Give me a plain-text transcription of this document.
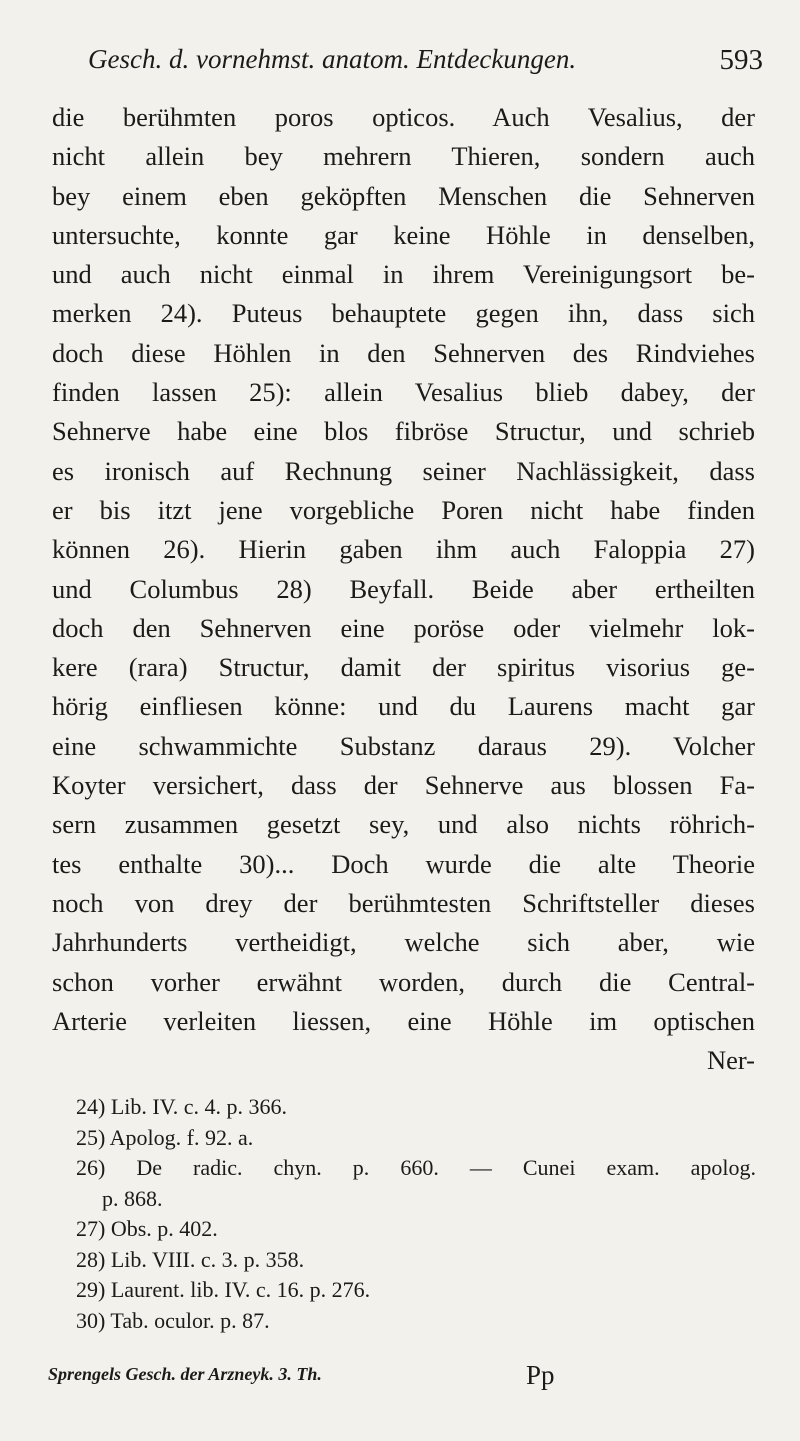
Gesch. d. vornehmst. anatom. Entdeckungen.	593
die berühmten poros opticos. Auch Vesalius, der
nicht allein bey mehrern Thieren, sondern auch
bey einem eben geköpften Menschen die Sehnerven
untersuchte, konnte gar keine Höhle in denselben,
und auch nicht einmal in ihrem Vereinigungsort be-
merken 24). Puteus behauptete gegen ihn, dass sich
doch diese Höhlen in den Sehnerven des Rindviehes
finden lassen 25): allein Vesalius blieb dabey, der
Sehnerve habe eine blos fibröse Structur, und schrieb
es ironisch auf Rechnung seiner Nachlässigkeit, dass
er bis itzt jene vorgebliche Poren nicht habe finden
können 26). Hierin gaben ihm auch Faloppia 27)
und Columbus 28) Beyfall. Beide aber ertheilten
doch den Sehnerven eine poröse oder vielmehr lok-
kere (rara) Structur, damit der spiritus visorius ge-
hörig einfliesen könne: und du Laurens macht gar
eine schwammichte Substanz daraus 29). Volcher
Koyter versichert, dass der Sehnerve aus blossen Fa-
sern zusammen gesetzt sey, und also nichts röhrich-
tes enthalte 30)... Doch wurde die alte Theorie
noch von drey der berühmtesten Schriftsteller dieses
Jahrhunderts vertheidigt, welche sich aber, wie
schon vorher erwähnt worden, durch die Central-
Arterie verleiten liessen, eine Höhle im optischen
Ner-
24) Lib. IV. c. 4. p. 366.
25) Apolog. f. 92. a.
26) De radic. chyn. p. 660. — Cunei exam. apolog.
p. 868.
27) Obs. p. 402.
28) Lib. VIII. c. 3. p. 358.
29) Laurent. lib. IV. c. 16. p. 276.
30) Tab. oculor. p. 87.
Sprengels Gesch. der Arzneyk. 3. Th.	Pp
